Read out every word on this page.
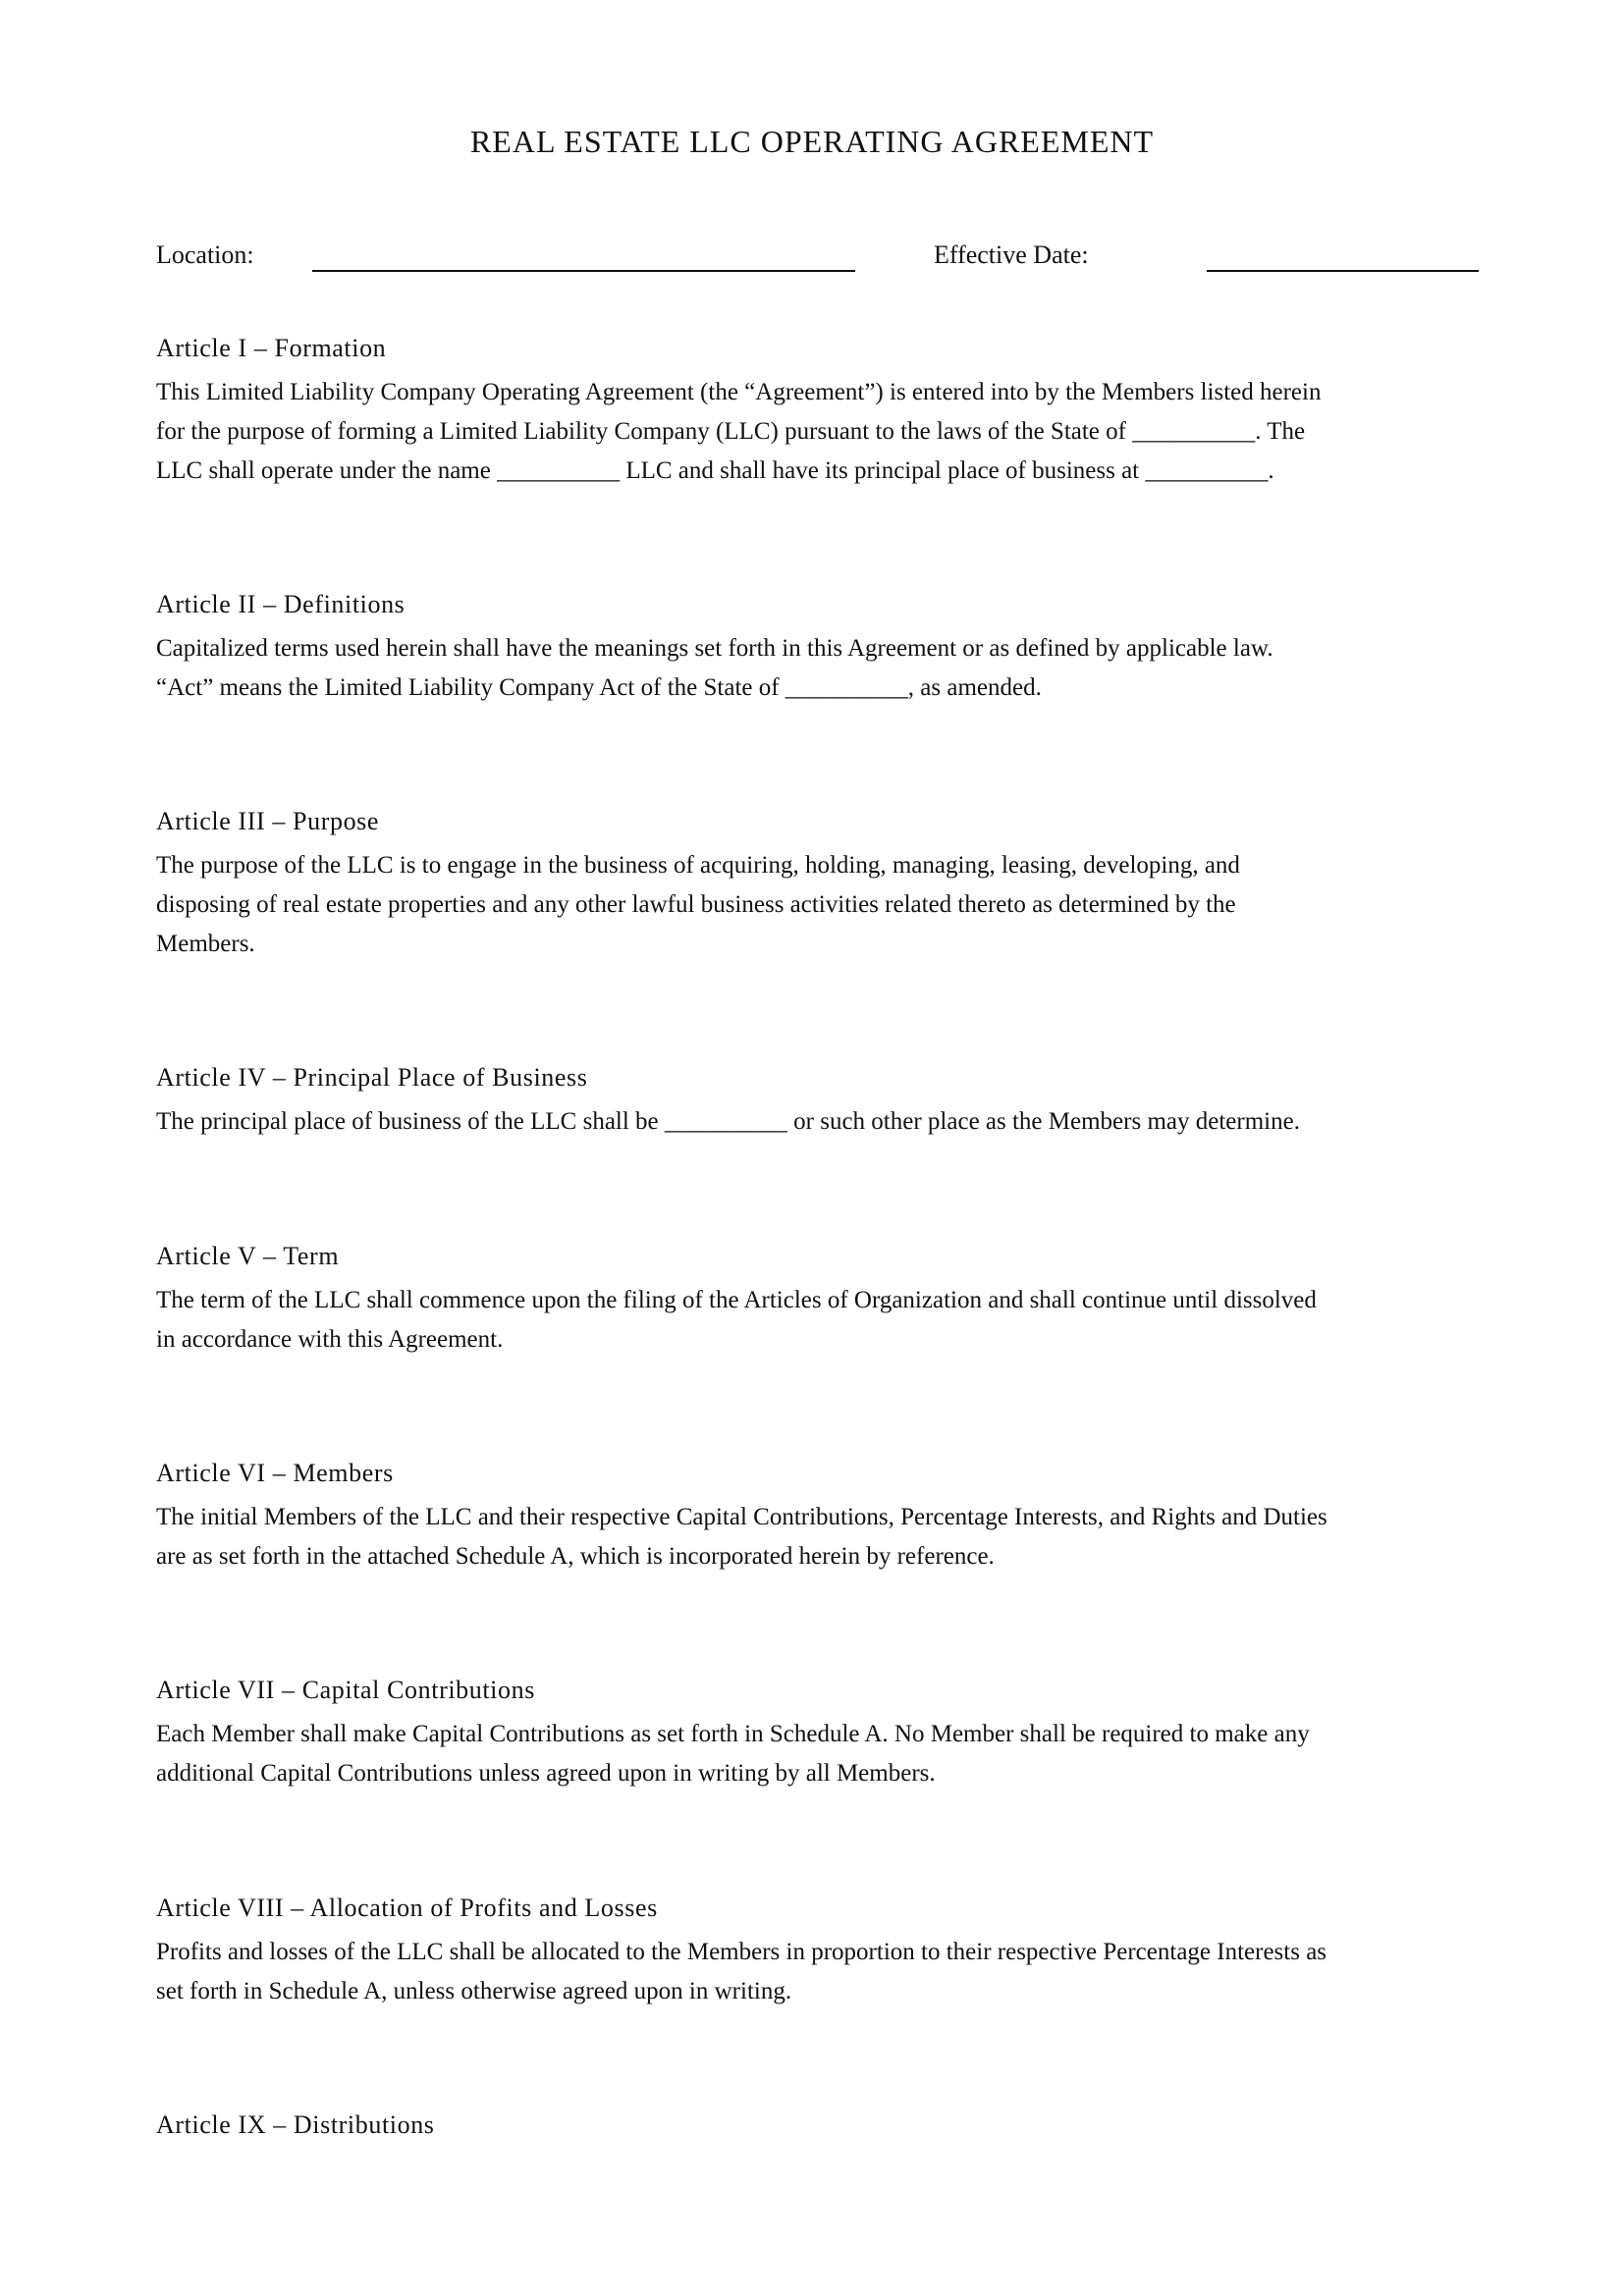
REAL ESTATE LLC OPERATING AGREEMENT
Location:	Effective Date:
Article I – Formation

This Limited Liability Company Operating Agreement (the “Agreement”) is entered into by the Members listed herein
for the purpose of forming a Limited Liability Company (LLC) pursuant to the laws of the State of __________. The
LLC shall operate under the name __________ LLC and shall have its principal place of business at __________.

Article II – Definitions

Capitalized terms used herein shall have the meanings set forth in this Agreement or as defined by applicable law.
“Act” means the Limited Liability Company Act of the State of __________, as amended.

Article III – Purpose

The purpose of the LLC is to engage in the business of acquiring, holding, managing, leasing, developing, and
disposing of real estate properties and any other lawful business activities related thereto as determined by the
Members.

Article IV – Principal Place of Business

The principal place of business of the LLC shall be __________ or such other place as the Members may determine.

Article V – Term

The term of the LLC shall commence upon the filing of the Articles of Organization and shall continue until dissolved
in accordance with this Agreement.

Article VI – Members

The initial Members of the LLC and their respective Capital Contributions, Percentage Interests, and Rights and Duties
are as set forth in the attached Schedule A, which is incorporated herein by reference.

Article VII – Capital Contributions

Each Member shall make Capital Contributions as set forth in Schedule A. No Member shall be required to make any
additional Capital Contributions unless agreed upon in writing by all Members.

Article VIII – Allocation of Profits and Losses

Profits and losses of the LLC shall be allocated to the Members in proportion to their respective Percentage Interests as
set forth in Schedule A, unless otherwise agreed upon in writing.

Article IX – Distributions
